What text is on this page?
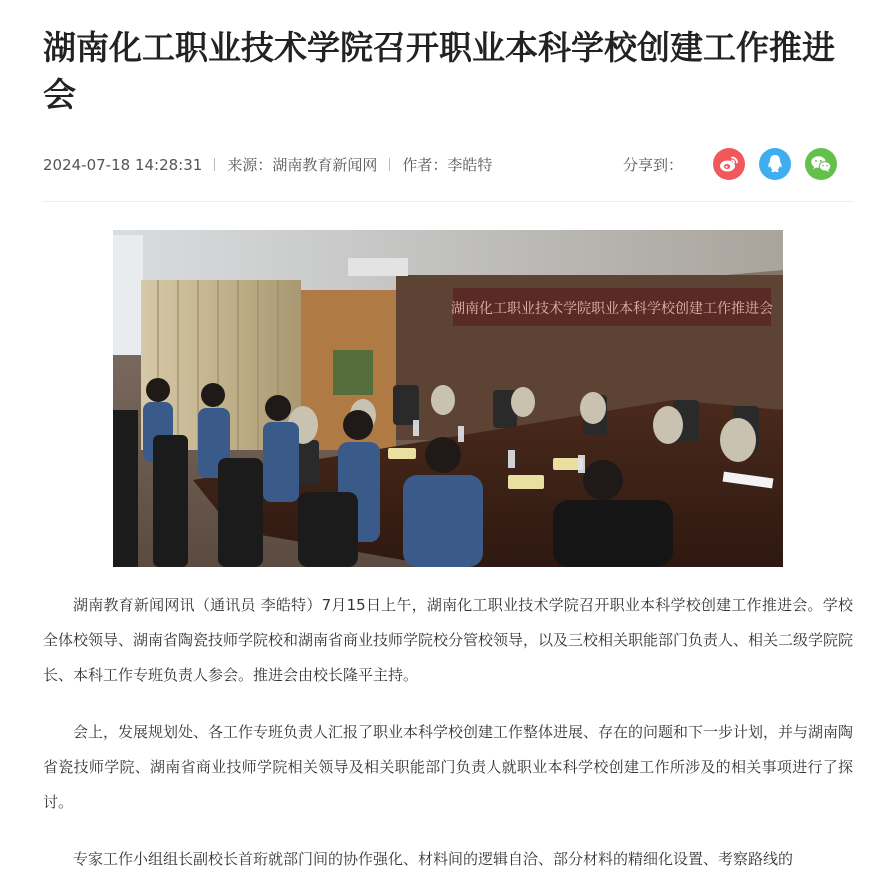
湖南化工职业技术学院召开职业本科学校创建工作推进会
2024-07-18 14:28:31 来源：湖南教育新闻网 作者：李皓特	分享到：
湖南化工职业技术学院职业本科学校创建工作推进会

湖南教育新闻网讯（通讯员 李皓特）7月15日上午，湖南化工职业技术学院召开职业本科学校创建工作推进会。学校全体校领导、湖南省陶瓷技师学院校和湖南省商业技师学院校分管校领导，以及三校相关职能部门负责人、相关二级学院院长、本科工作专班负责人参会。推进会由校长隆平主持。

会上，发展规划处、各工作专班负责人汇报了职业本科学校创建工作整体进展、存在的问题和下一步计划，并与湖南陶省瓷技师学院、湖南省商业技师学院相关领导及相关职能部门负责人就职业本科学校创建工作所涉及的相关事项进行了探讨。

专家工作小组组长副校长首珩就部门间的协作强化、材料间的逻辑自洽、部分材料的精细化设置、考察路线的
